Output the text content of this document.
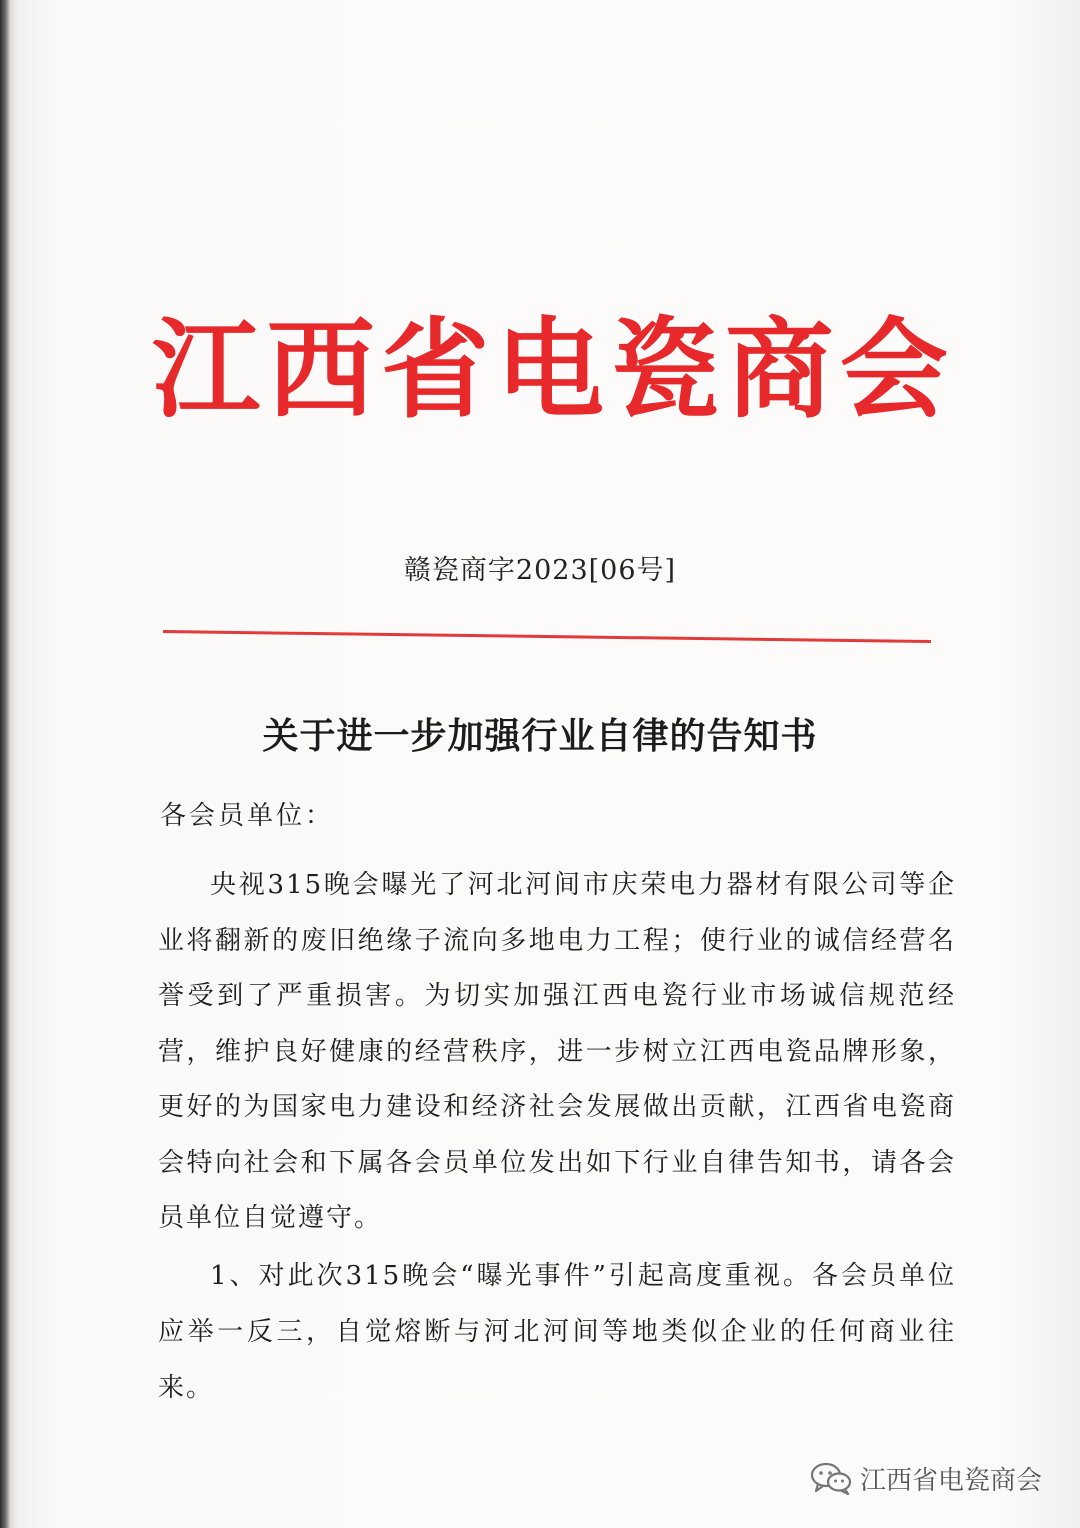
江 西 省 电 瓷 商 会
赣瓷商字2023[06号]
关于进一步加强行业自律的告知书
各会员单位：

央视315晚会曝光了河北河间市庆荣电力器材有限公司等企业将翻新的废旧绝缘子流向多地电力工程；使行业的诚信经营名誉受到了严重损害。为切实加强江西电瓷行业市场诚信规范经营，维护良好健康的经营秩序，进一步树立江西电瓷品牌形象，更好的为国家电力建设和经济社会发展做出贡献，江西省电瓷商会特向社会和下属各会员单位发出如下行业自律告知书，请各会员单位自觉遵守。

1、对此次315晚会“曝光事件”引起高度重视。各会员单位应举一反三，自觉熔断与河北河间等地类似企业的任何商业往来。

江西省电瓷商会
